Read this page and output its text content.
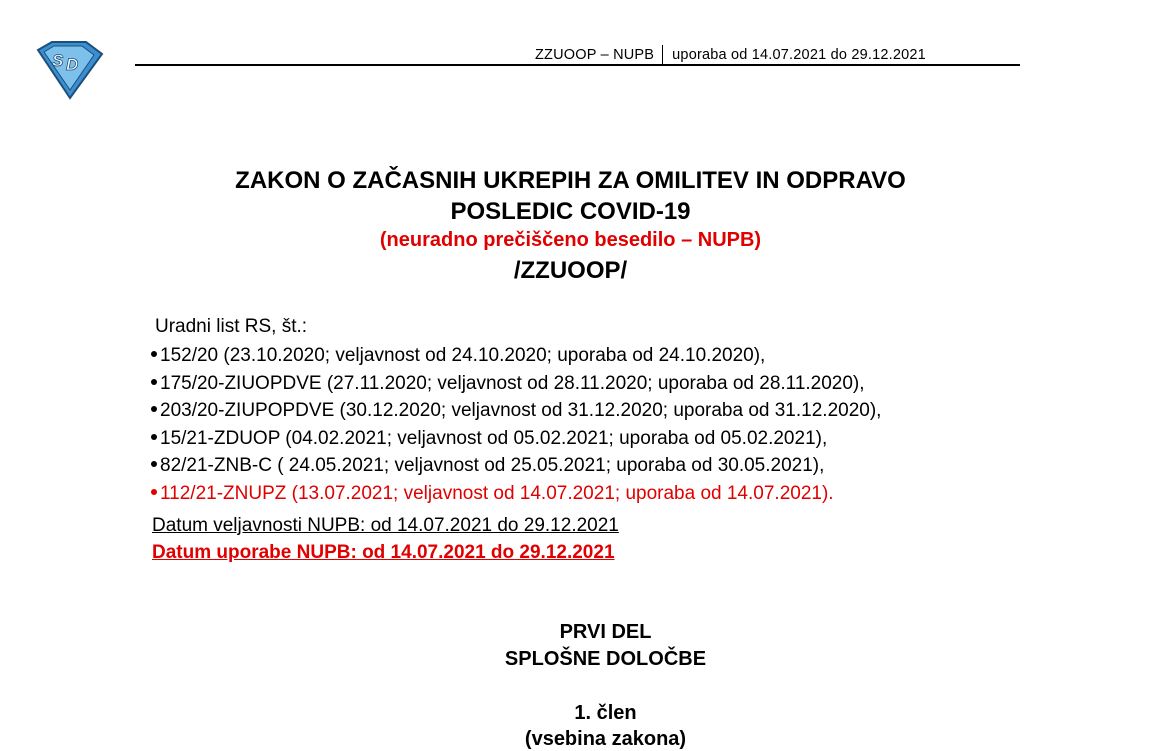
S D	ZZUOOP – NUPB uporaba od 14.07.2021 do 29.12.2021
ZAKON O ZAČASNIH UKREPIH ZA OMILITEV IN ODPRAVO
POSLEDIC COVID-19
(neuradno prečiščeno besedilo – NUPB)
/ZZUOOP/
Uradni list RS, št.:
152/20 (23.10.2020; veljavnost od 24.10.2020; uporaba od 24.10.2020),
175/20-ZIUOPDVE (27.11.2020; veljavnost od 28.11.2020; uporaba od 28.11.2020),
203/20-ZIUPOPDVE (30.12.2020; veljavnost od 31.12.2020; uporaba od 31.12.2020),
15/21-ZDUOP (04.02.2021; veljavnost od 05.02.2021; uporaba od 05.02.2021),
82/21-ZNB-C ( 24.05.2021; veljavnost od 25.05.2021; uporaba od 30.05.2021),
112/21-ZNUPZ (13.07.2021; veljavnost od 14.07.2021; uporaba od 14.07.2021).
Datum veljavnosti NUPB: od 14.07.2021 do 29.12.2021
Datum uporabe NUPB: od 14.07.2021 do 29.12.2021
PRVI DEL
SPLOŠNE DOLOČBE
1. člen
(vsebina zakona)
